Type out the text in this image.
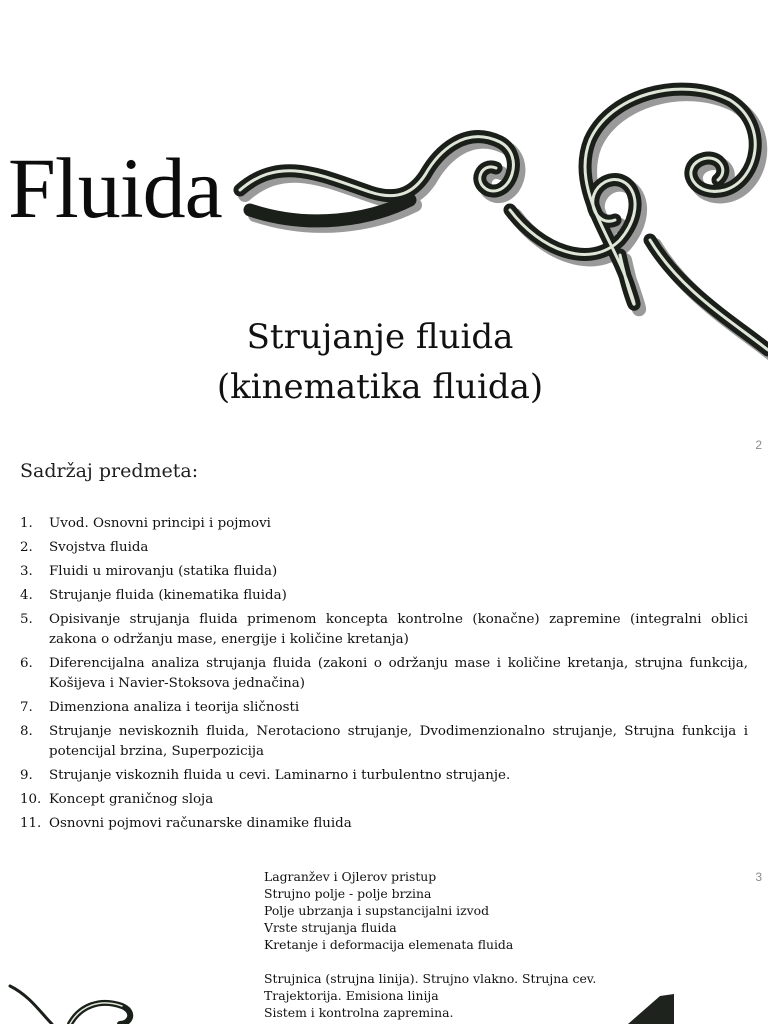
Fluida
Strujanje fluida
(kinematika fluida)
2
Sadržaj predmeta:
1.	Uvod. Osnovni principi i pojmovi
2.	Svojstva fluida
3.	Fluidi u mirovanju (statika fluida)
4.	Strujanje fluida (kinematika fluida)
5.	Opisivanje strujanja fluida primenom koncepta kontrolne (konačne) zapremine (integralni oblici zakona o održanju mase, energije i količine kretanja)
6.	Diferencijalna analiza strujanja fluida (zakoni o održanju mase i količine kretanja, strujna funkcija, Košijeva i Navier-Stoksova jednačina)
7.	Dimenziona analiza i teorija sličnosti
8.	Strujanje neviskoznih fluida, Nerotaciono strujanje, Dvodimenzionalno strujanje, Strujna funkcija i potencijal brzina, Superpozicija
9.	Strujanje viskoznih fluida u cevi. Laminarno i turbulentno strujanje.
10. Koncept graničnog sloja
11. Osnovni pojmovi računarske dinamike fluida
3
Lagranžev i Ojlerov pristup
Strujno polje - polje brzina
Polje ubrzanja i supstancijalni izvod
Vrste strujanja fluida
Kretanje i deformacija elemenata fluida
Strujnica (strujna linija). Strujno vlakno. Strujna cev.
Trajektorija. Emisiona linija
Sistem i kontrolna zapremina.
